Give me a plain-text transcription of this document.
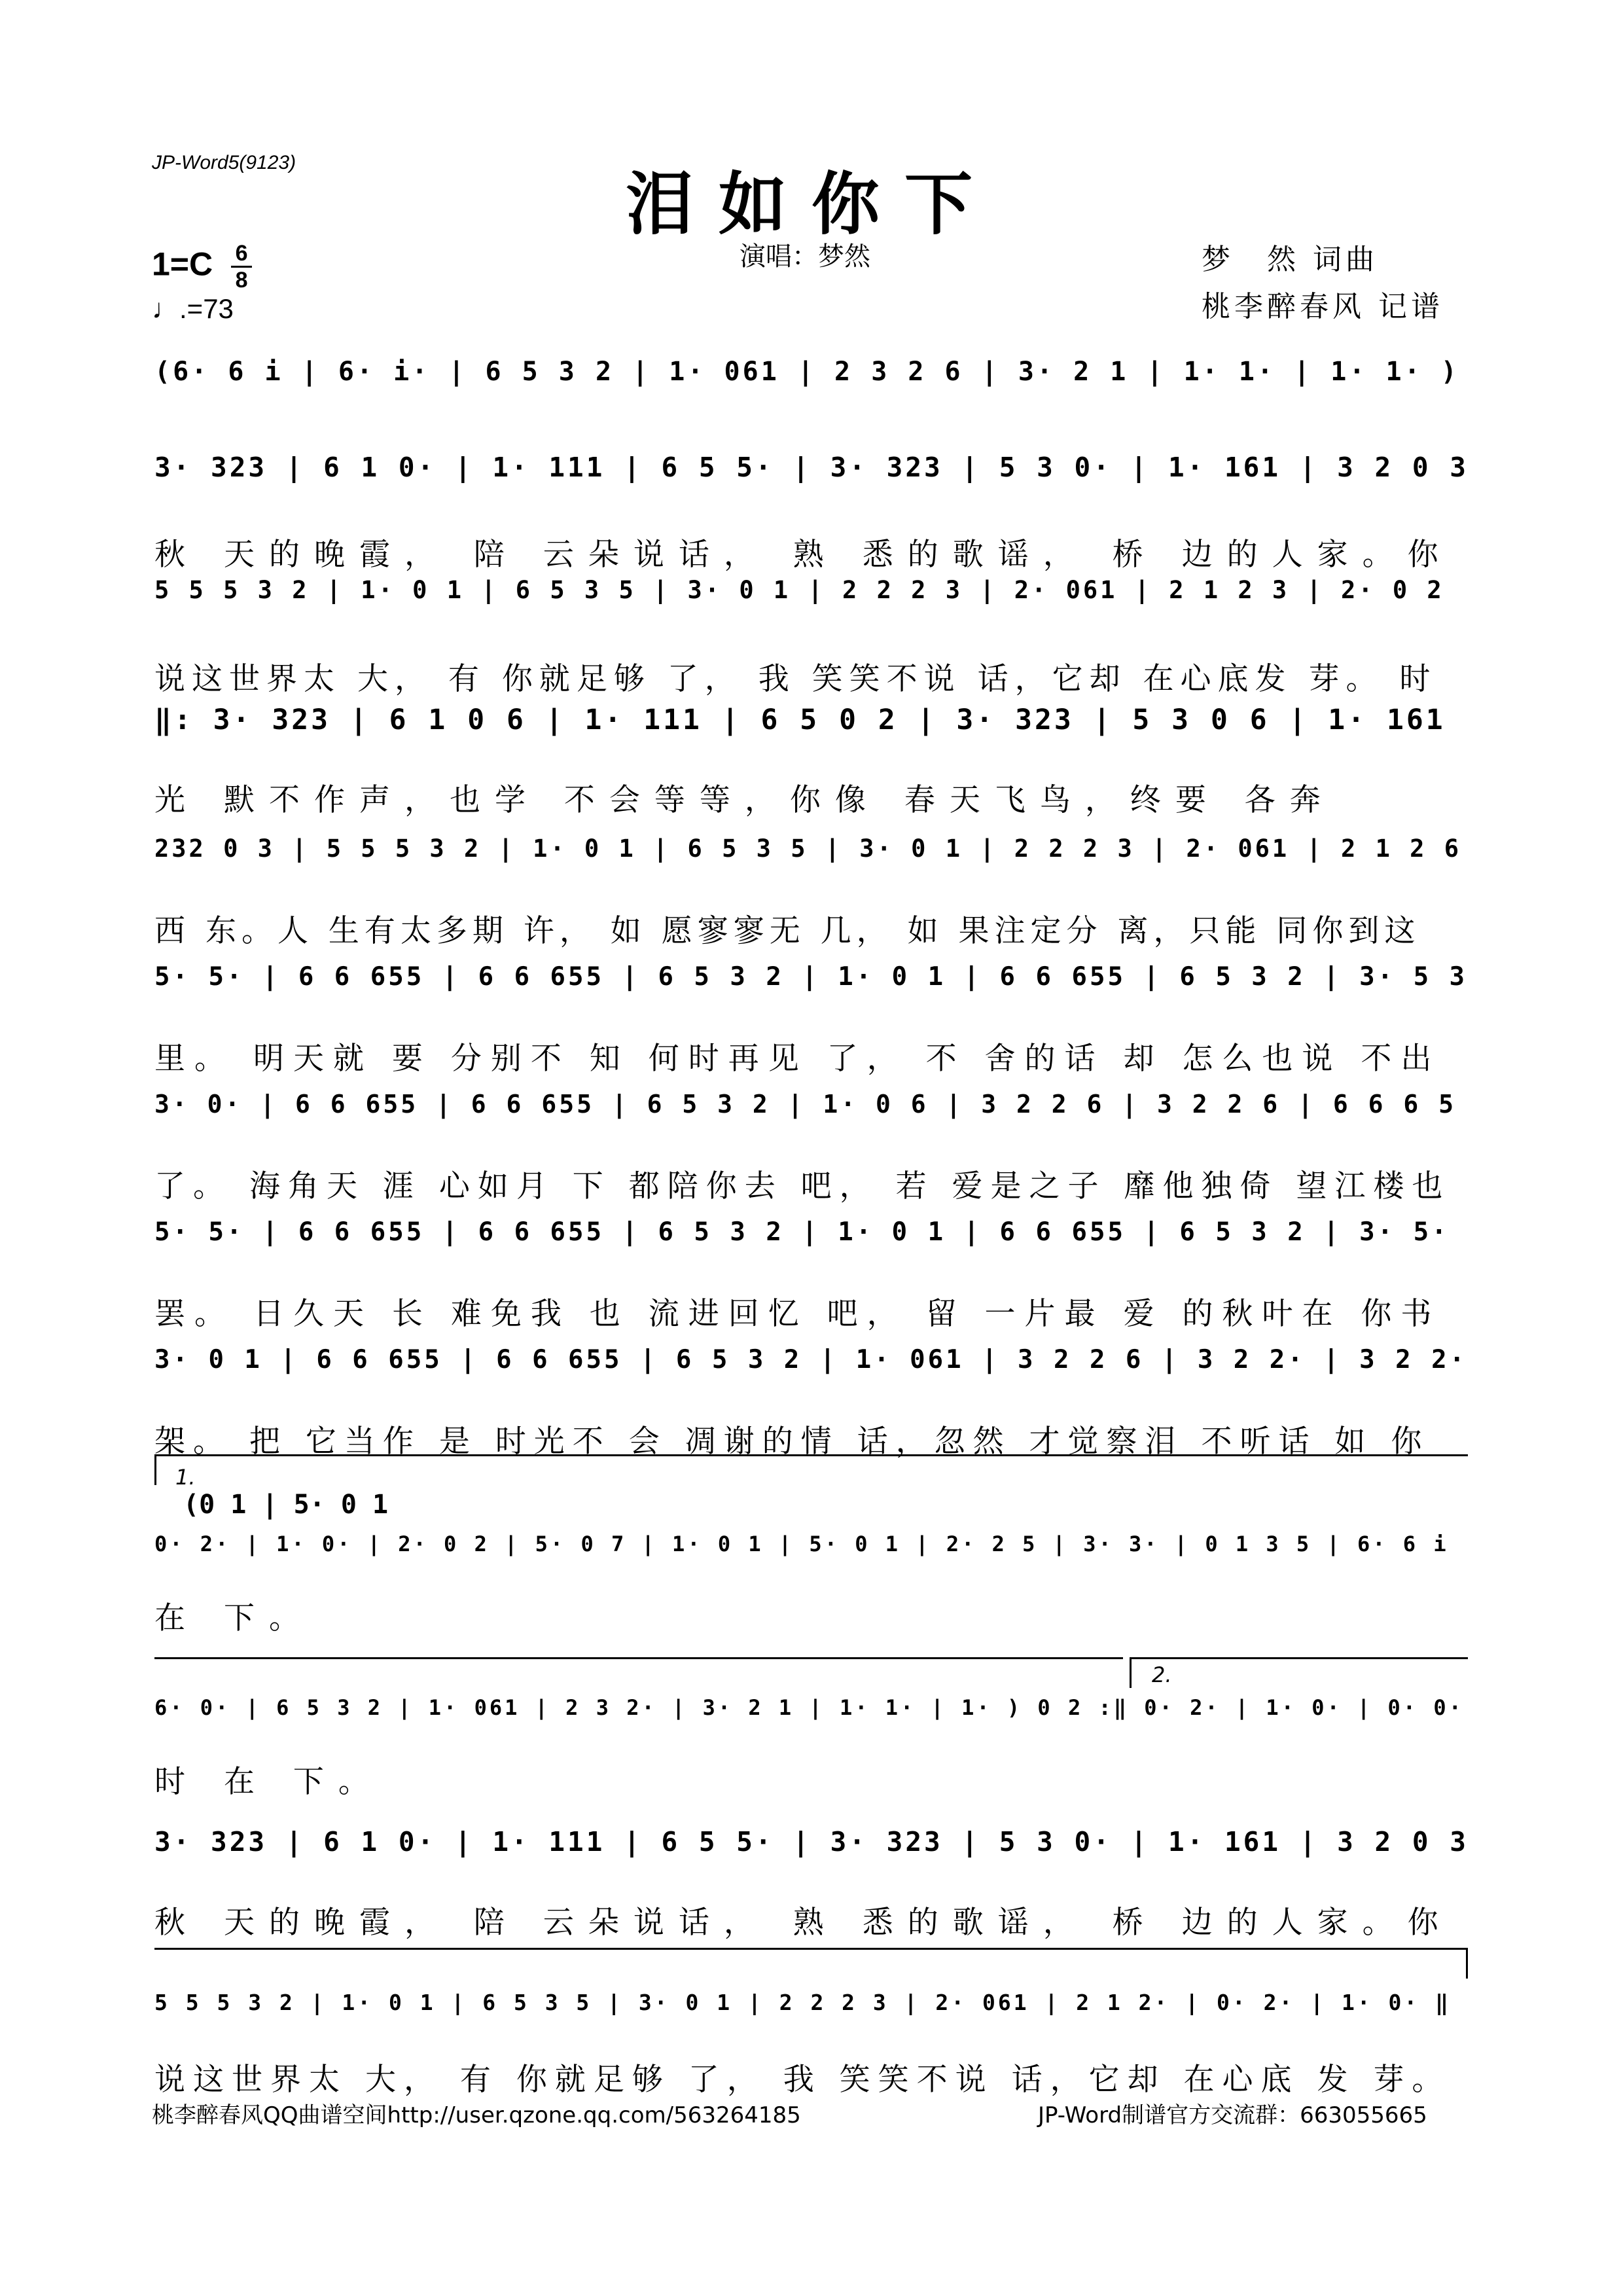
JP-Word5(9123)
泪如你下
$1=C \frac{6}{8}$
♩.=73
演唱：梦然	梦　然 词曲
桃李醉春风 记谱
(6· 6 i | 6· i· | 6 5 3 2 | 1· 061 | 2 3 2 6 | 3· 2 1 | 1· 1· | 1· 1· )
3· 323 | 6 1 0· | 1· 111 | 6 5 5· | 3· 323 | 5 3 0· | 1· 161 | 3 2 0 3
秋 天的晚霞， 陪 云朵说话， 熟 悉的歌谣， 桥 边的人家。你
5 5 5 3 2 | 1· 0 1 | 6 5 3 5 | 3· 0 1 | 2 2 2 3 | 2· 061 | 2 1 2 3 | 2· 0 2
说这世界太 大， 有 你就足够 了， 我 笑笑不说 话，它却 在心底发 芽。 时
‖: 3· 323 | 6 1 0 6 | 1· 111 | 6 5 0 2 | 3· 323 | 5 3 0 6 | 1· 161
光 默不作声，也学 不会等等，你像 春天飞鸟，终要 各奔
232 0 3 | 5 5 5 3 2 | 1· 0 1 | 6 5 3 5 | 3· 0 1 | 2 2 2 3 | 2· 061 | 2 1 2 6
西 东。人 生有太多期 许， 如 愿寥寥无 几， 如 果注定分 离，只能 同你到这
5· 5· | 6 6 655 | 6 6 655 | 6 5 3 2 | 1· 0 1 | 6 6 655 | 6 5 3 2 | 3· 5 3
里。 明天就 要 分别不 知 何时再见 了， 不 舍的话 却 怎么也说 不出
3· 0· | 6 6 655 | 6 6 655 | 6 5 3 2 | 1· 0 6 | 3 2 2 6 | 3 2 2 6 | 6 6 6 5
了。 海角天 涯 心如月 下 都陪你去 吧， 若 爱是之子 靡他独倚 望江楼也
5· 5· | 6 6 655 | 6 6 655 | 6 5 3 2 | 1· 0 1 | 6 6 655 | 6 5 3 2 | 3· 5·
罢。 日久天 长 难免我 也 流进回忆 吧， 留 一片最 爱 的秋叶在 你书
3· 0 1 | 6 6 655 | 6 6 655 | 6 5 3 2 | 1· 061 | 3 2 2 6 | 3 2 2· | 3 2 2·
架。 把 它当作 是 时光不 会 凋谢的情 话，忽然 才觉察泪 不听话 如 你
0· 2· | 1· 0· | 2· 0 2 | 5· 0 7 | 1· 0 1 | 5· 0 1 | 2· 2 5 | 3· 3· | 0 1 3 5 | 6· 6 i
在 下。
6· 0· | 6 5 3 2 | 1· 061 | 2 3 2· | 3· 2 1 | 1· 1· | 1· ) 0 2 :‖ 0· 2· | 1· 0· | 0· 0·
时 在 下。
3· 323 | 6 1 0· | 1· 111 | 6 5 5· | 3· 323 | 5 3 0· | 1· 161 | 3 2 0 3
秋 天的晚霞， 陪 云朵说话， 熟 悉的歌谣， 桥 边的人家。你
5 5 5 3 2 | 1· 0 1 | 6 5 3 5 | 3· 0 1 | 2 2 2 3 | 2· 061 | 2 1 2· | 0· 2· | 1· 0· ‖
说这世界太 大， 有 你就足够 了， 我 笑笑不说 话，它却 在心底 发 芽。
1.
(0 1 | 5· 0 1
2.
桃李醉春风QQ曲谱空间http://user.qzone.qq.com/563264185	JP-Word制谱官方交流群：663055665
